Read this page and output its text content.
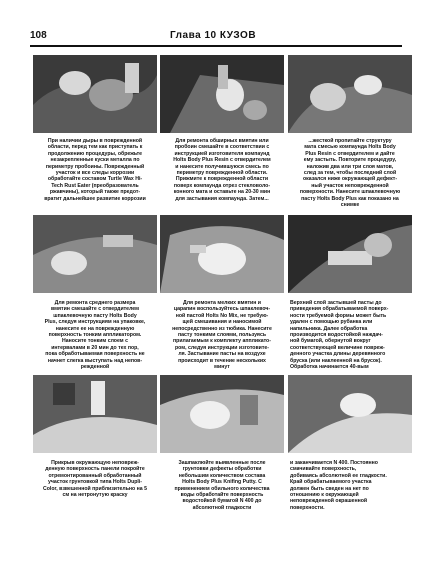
108	Глава 10 КУЗОВ
При наличии дыры в поврежденной
области, перед тем как приступать к
продолжению процедуры, обрежьте
незакрепленные куски металла по
периметру пробоины. Поврежденный
участок и все следы коррозии
обработайте составом Turtle Wax Hi-
Tech Rust Eater (преобразователь
ржавчины), который также предот-
вратит дальнейшее развитие коррозии
Для ремонта обширных вмятин или
пробоин смешайте в соответствии с
инструкцией изготовителя компаунд
Holts Body Plus Resin с отвердителем
и нанесите получившуюся смесь по
периметру поврежденной области.
Прижмите к поврежденной области
поверх компаунда отрез стекловоло-
конного мата и оставьте на 20-30 мин
для застывания компаунда. Затем...
...жесткой пропитайте структуру
мата смесью компаунда Holts Body
Plus Resin с отвердителем и дайте
ему застыть. Повторите процедуру,
наложив два или три слоя матов,
след за тем, чтобы последний слой
оказался ниже окружающей дефект-
ный участок неповрежденной
поверхности. Нанесите шпаклевочную
пасту Holts Body Plus как показано на
снимке
Для ремонта среднего размера
вмятин смешайте с отвердителем
шпаклевочную пасту Holts Body
Plus, следуя инструкциям на упаковке,
нанесите ее на поврежденную
поверхность тонким аппликатором.
Наносите тонким слоем с
интервалами в 20 мин до тех пор,
пока обработываемая поверхность не
начнет слегка выступать над непов-
режденной
Для ремонта мелких вмятин и
царапин воспользуйтесь шпаклевоч-
ной пастой Holts No Mix, не требую-
щей смешивания и наносимой
непосредственно из тюбика. Нанесите
пасту тонкими слоями, пользуясь
прилагаемым к комплекту аппликато-
ром, следуя инструкции изготовите-
ля. Застывание пасты на воздухе
происходит в течение нескольких
минут
Верхний слой застывшей пасты до
приведения обрабатываемой поверх-
ности требуемой формы может быть
удален с помощью рубанка или
напильника. Далее обработка
производится водостойкой наждач-
ной бумагой, обернутой вокруг
соответствующей величине повреж-
денного участка длины деревянного
бруска (или наклеенной на брусок).
Обработка начинается 40-вым
Прикрыв окружающую неповреж-
денную поверхность панели покройте
отремонтированный обработанный
участок грунтовкой типа Holts Dupli-
Color, взвешенной приблизительно на 5
см на нетронутую краску
Зашпаклюйте выявленные после
грунтовки дефекты обработки
небольшим количеством состава
Holts Body Plus Knifing Putty. С
применением обильного количества
воды обработайте поверхность
водостойкой бумагой N 400 до
абсолютной гладкости
и заканчивается N 400. Постоянно
смачивайте поверхность,
добиваясь абсолютной ее гладкости.
Край обрабатываемого участка
должен быть сведен на нет по
отношению к окружающей
неповрежденной окрашенной
поверхности.
